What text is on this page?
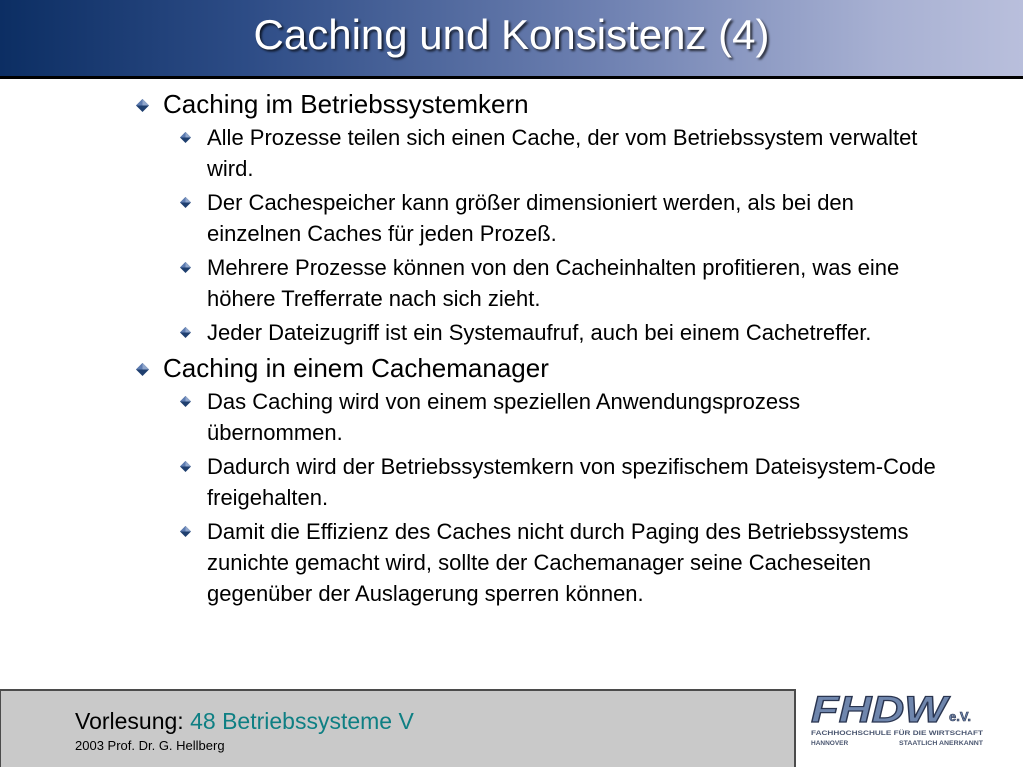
Caching und Konsistenz (4)
Caching im Betriebssystemkern
Alle Prozesse teilen sich einen Cache, der vom Betriebssystem verwaltet wird.
Der Cachespeicher kann größer dimensioniert werden, als bei den einzelnen Caches für jeden Prozeß.
Mehrere Prozesse können von den Cacheinhalten profitieren, was eine höhere Trefferrate nach sich zieht.
Jeder Dateizugriff ist ein Systemaufruf, auch bei einem Cachetreffer.
Caching in einem Cachemanager
Das Caching wird von einem speziellen Anwendungsprozess übernommen.
Dadurch wird der Betriebssystemkern von spezifischem Dateisystem-Code freigehalten.
Damit die Effizienz des Caches nicht durch Paging des Betriebssystems zunichte gemacht wird, sollte der Cachemanager seine Cacheseiten gegenüber der Auslagerung sperren können.
Vorlesung: 48 Betriebssysteme V
2003 Prof. Dr. G. Hellberg
FHDW
e.V.
FACHHOCHSCHULE FÜR DIE WIRTSCHAFT
HANNOVER	STAATLICH ANERKANNT
